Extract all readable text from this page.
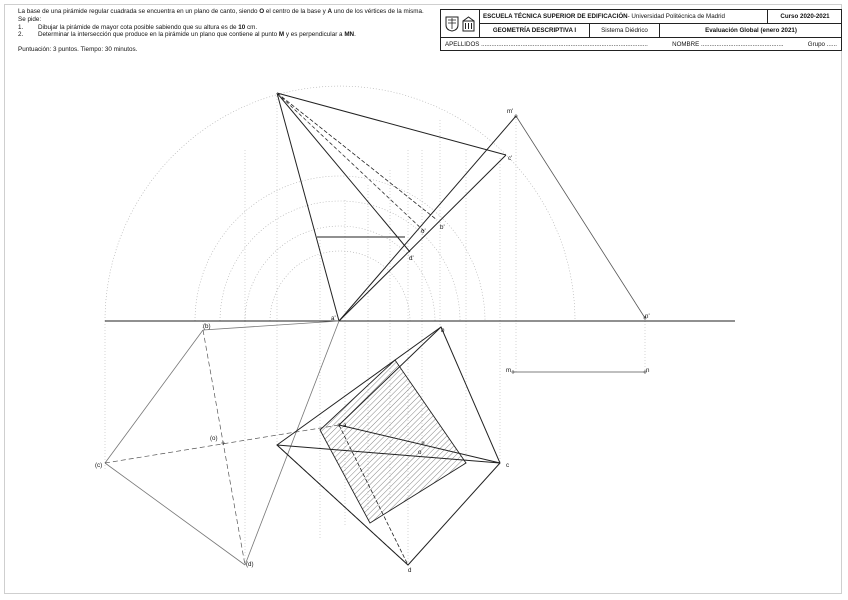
La base de una pirámide regular cuadrada se encuentra en un plano de canto, siendo O el centro de la base y A uno de los vértices de la misma. Se pide:

1.	Dibujar la pirámide de mayor cota posible sabiendo que su altura es de 10 cm.

2.	Determinar la intersección que produce en la pirámide un plano que contiene al punto M y es perpendicular a MN.

Puntuación: 3 puntos. Tiempo: 30 minutos.

ESCUELA TÉCNICA SUPERIOR DE EDIFICACIÓN - Universidad Politécnica de Madrid	Curso 2020-2021
GEOMETRÍA DESCRIPTIVA I	Sistema Diédrico	Evaluación Global (enero 2021)
APELLIDOS .................................................................................................	NOMBRE ................................................	Grupo ......
a'
b'
c'
d'
o'
m'
n'
a
b
c
d
o
m	n
(b)
(c)
(d)
(o)
